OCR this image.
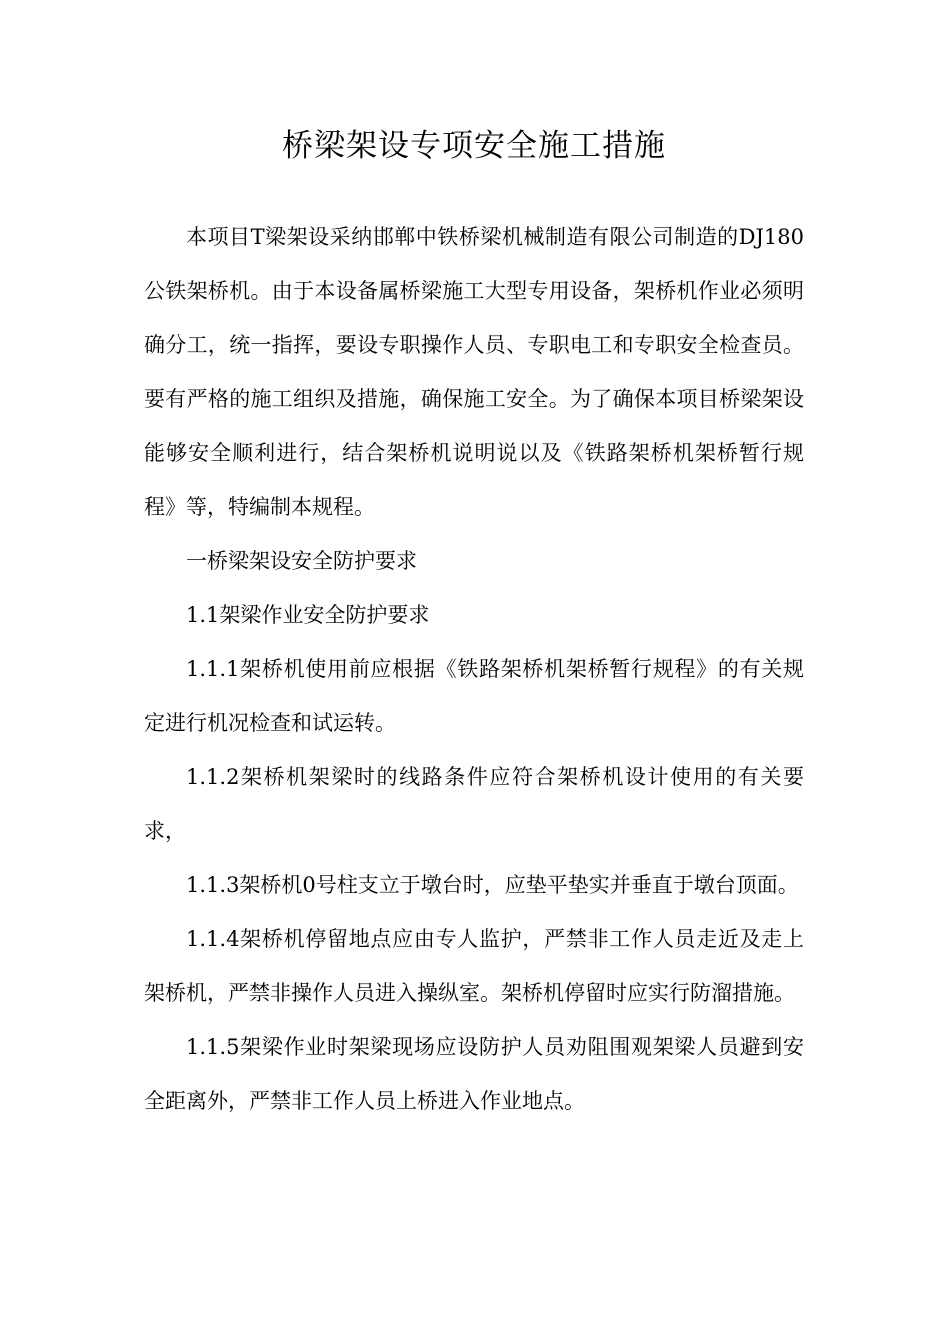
桥梁架设专项安全施工措施

本项目T梁架设采纳邯郸中铁桥梁机械制造有限公司制造的DJ180公铁架桥机。由于本设备属桥梁施工大型专用设备，架桥机作业必须明确分工，统一指挥，要设专职操作人员、专职电工和专职安全检查员。要有严格的施工组织及措施，确保施工安全。为了确保本项目桥梁架设能够安全顺利进行，结合架桥机说明说以及《铁路架桥机架桥暂行规程》等，特编制本规程。

一桥梁架设安全防护要求

1.1架梁作业安全防护要求

1.1.1架桥机使用前应根据《铁路架桥机架桥暂行规程》的有关规定进行机况检查和试运转。

1.1.2架桥机架梁时的线路条件应符合架桥机设计使用的有关要求，

1.1.3架桥机0号柱支立于墩台时，应垫平垫实并垂直于墩台顶面。

1.1.4架桥机停留地点应由专人监护，严禁非工作人员走近及走上架桥机，严禁非操作人员进入操纵室。架桥机停留时应实行防溜措施。

1.1.5架梁作业时架梁现场应设防护人员劝阻围观架梁人员避到安全距离外，严禁非工作人员上桥进入作业地点。
